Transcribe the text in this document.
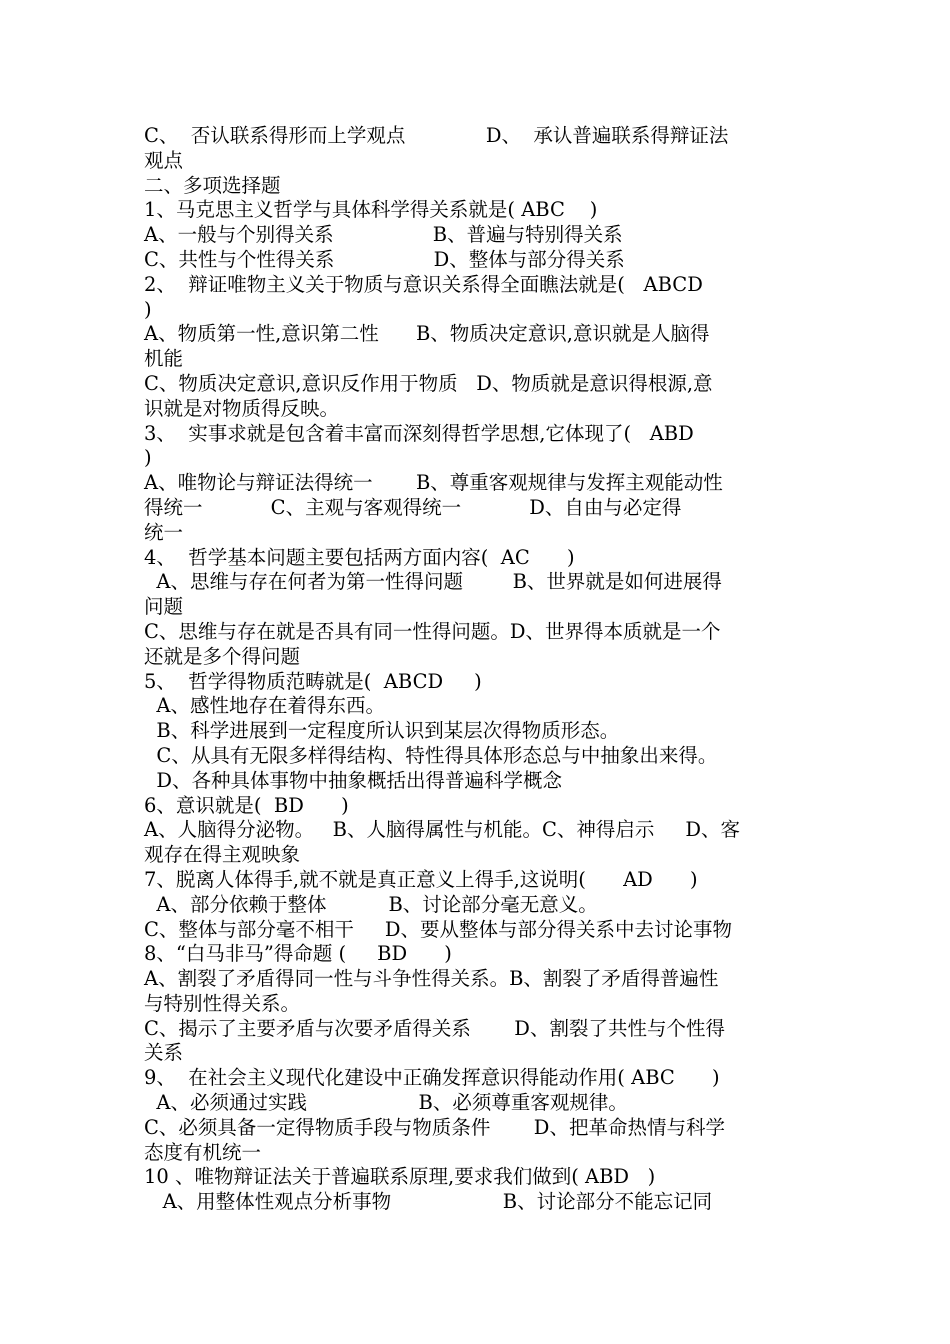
C、  否认联系得形而上学观点             D、  承认普遍联系得辩证法
观点
二、多项选择题
1、马克思主义哲学与具体科学得关系就是( ABC    )
A、一般与个别得关系                B、普遍与特别得关系
C、共性与个性得关系                D、整体与部分得关系
2、  辩证唯物主义关于物质与意识关系得全面瞧法就是(   ABCD
)
A、物质第一性,意识第二性      B、物质决定意识,意识就是人脑得
机能
C、物质决定意识,意识反作用于物质   D、物质就是意识得根源,意
识就是对物质得反映。
3、  实事求就是包含着丰富而深刻得哲学思想,它体现了(   ABD
)
A、唯物论与辩证法得统一       B、尊重客观规律与发挥主观能动性
得统一           C、主观与客观得统一           D、自由与必定得
统一
4、  哲学基本问题主要包括两方面内容(  AC      )
A、思维与存在何者为第一性得问题        B、世界就是如何进展得
问题
C、思维与存在就是否具有同一性得问题。D、世界得本质就是一个
还就是多个得问题
5、  哲学得物质范畴就是(  ABCD     )
A、感性地存在着得东西。
B、科学进展到一定程度所认识到某层次得物质形态。
C、从具有无限多样得结构、特性得具体形态总与中抽象出来得。
D、各种具体事物中抽象概括出得普遍科学概念
6、意识就是(  BD      )
A、人脑得分泌物。   B、人脑得属性与机能。C、神得启示     D、客
观存在得主观映象
7、脱离人体得手,就不就是真正意义上得手,这说明(      AD      )
A、部分依赖于整体          B、讨论部分毫无意义。
C、整体与部分毫不相干     D、要从整体与部分得关系中去讨论事物
8、“白马非马”得命题 (     BD      )
A、割裂了矛盾得同一性与斗争性得关系。B、割裂了矛盾得普遍性
与特别性得关系。
C、揭示了主要矛盾与次要矛盾得关系       D、割裂了共性与个性得
关系
9、  在社会主义现代化建设中正确发挥意识得能动作用( ABC      )
A、必须通过实践                  B、必须尊重客观规律。
C、必须具备一定得物质手段与物质条件       D、把革命热情与科学
态度有机统一
10 、唯物辩证法关于普遍联系原理,要求我们做到( ABD   )
A、用整体性观点分析事物                  B、讨论部分不能忘记同
